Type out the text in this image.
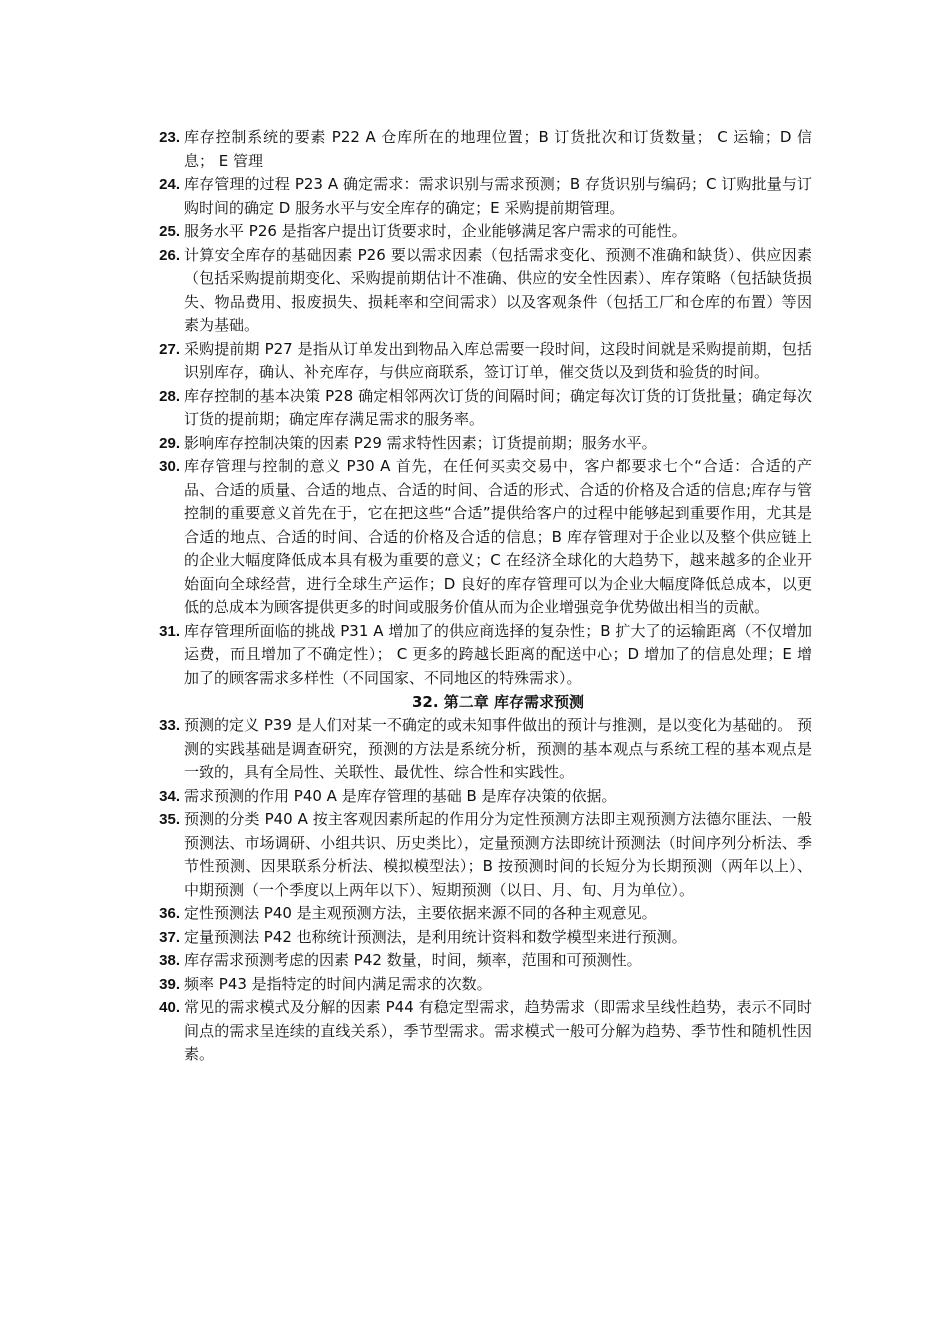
23. 库存控制系统的要素 P22 A 仓库所在的地理位置；B 订货批次和订货数量； C 运输；D 信息； E 管理

24. 库存管理的过程 P23 A 确定需求：需求识别与需求预测；B 存货识别与编码；C 订购批量与订购时间的确定 D 服务水平与安全库存的确定；E 采购提前期管理。

25. 服务水平 P26 是指客户提出订货要求时，企业能够满足客户需求的可能性。

26. 计算安全库存的基础因素 P26 要以需求因素（包括需求变化、预测不准确和缺货）、供应因素（包括采购提前期变化、采购提前期估计不准确、供应的安全性因素）、库存策略（包括缺货损失、物品费用、报废损失、损耗率和空间需求）以及客观条件（包括工厂和仓库的布置）等因素为基础。

27. 采购提前期 P27 是指从订单发出到物品入库总需要一段时间，这段时间就是采购提前期，包括识别库存，确认、补充库存，与供应商联系，签订订单，催交货以及到货和验货的时间。

28. 库存控制的基本决策 P28 确定相邻两次订货的间隔时间；确定每次订货的订货批量；确定每次订货的提前期；确定库存满足需求的服务率。

29. 影响库存控制决策的因素 P29 需求特性因素；订货提前期；服务水平。

30. 库存管理与控制的意义 P30 A 首先，在任何买卖交易中，客户都要求七个“合适：合适的产品、合适的质量、合适的地点、合适的时间、合适的形式、合适的价格及合适的信息;库存与管控制的重要意义首先在于，它在把这些“合适”提供给客户的过程中能够起到重要作用，尤其是合适的地点、合适的时间、合适的价格及合适的信息；B 库存管理对于企业以及整个供应链上的企业大幅度降低成本具有极为重要的意义；C 在经济全球化的大趋势下，越来越多的企业开始面向全球经营，进行全球生产运作；D 良好的库存管理可以为企业大幅度降低总成本，以更低的总成本为顾客提供更多的时间或服务价值从而为企业增强竞争优势做出相当的贡献。

31. 库存管理所面临的挑战 P31 A 增加了的供应商选择的复杂性；B 扩大了的运输距离（不仅增加运费，而且增加了不确定性）； C 更多的跨越长距离的配送中心；D 增加了的信息处理；E 增加了的顾客需求多样性（不同国家、不同地区的特殊需求）。

32. 第二章 库存需求预测

33. 预测的定义 P39 是人们对某一不确定的或未知事件做出的预计与推测，是以变化为基础的。 预测的实践基础是调查研究，预测的方法是系统分析，预测的基本观点与系统工程的基本观点是一致的，具有全局性、关联性、最优性、综合性和实践性。

34. 需求预测的作用 P40 A 是库存管理的基础 B 是库存决策的依据。

35. 预测的分类 P40 A 按主客观因素所起的作用分为定性预测方法即主观预测方法德尔匪法、一般预测法、市场调研、小组共识、历史类比），定量预测方法即统计预测法（时间序列分析法、季节性预测、因果联系分析法、模拟模型法）；B 按预测时间的长短分为长期预测（两年以上）、中期预测（一个季度以上两年以下）、短期预测（以日、月、旬、月为单位）。

36. 定性预测法 P40 是主观预测方法，主要依据来源不同的各种主观意见。

37. 定量预测法 P42 也称统计预测法，是利用统计资料和数学模型来进行预测。

38. 库存需求预测考虑的因素 P42 数量，时间，频率，范围和可预测性。

39. 频率 P43 是指特定的时间内满足需求的次数。

40. 常见的需求模式及分解的因素 P44 有稳定型需求，趋势需求（即需求呈线性趋势，表示不同时间点的需求呈连续的直线关系），季节型需求。需求模式一般可分解为趋势、季节性和随机性因素。
